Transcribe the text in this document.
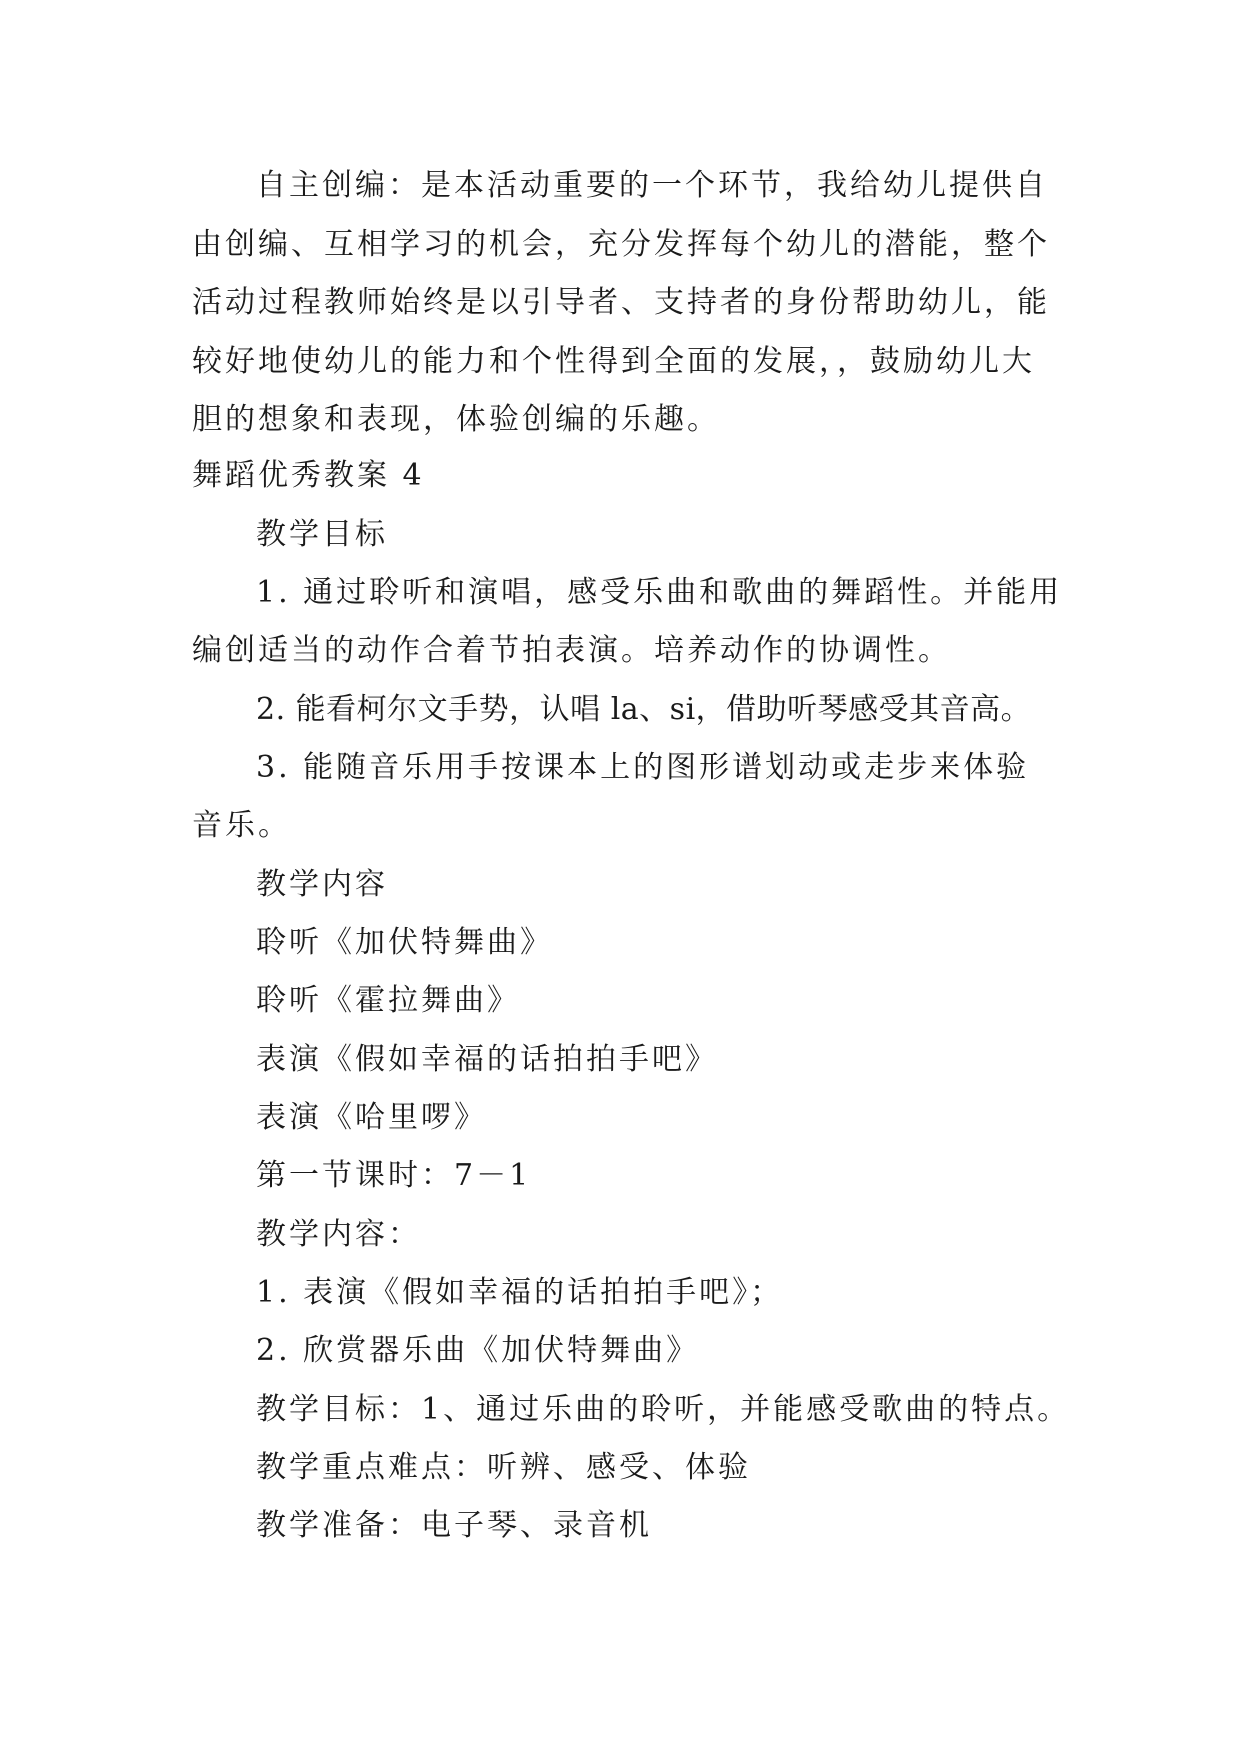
自主创编：是本活动重要的一个环节，我给幼儿提供自
由创编、互相学习的机会，充分发挥每个幼儿的潜能，整个
活动过程教师始终是以引导者、支持者的身份帮助幼儿，能
较好地使幼儿的能力和个性得到全面的发展，，鼓励幼儿大
胆的想象和表现，体验创编的乐趣。
舞蹈优秀教案 4
教学目标
1. 通过聆听和演唱，感受乐曲和歌曲的舞蹈性。并能用
编创适当的动作合着节拍表演。培养动作的协调性。
2. 能看柯尔文手势，认唱 la、si，借助听琴感受其音高。
3. 能随音乐用手按课本上的图形谱划动或走步来体验
音乐。
教学内容
聆听《加伏特舞曲》
聆听《霍拉舞曲》
表演《假如幸福的话拍拍手吧》
表演《哈里啰》
第一节课时：7－1
教学内容：
1. 表演《假如幸福的话拍拍手吧》；
2. 欣赏器乐曲《加伏特舞曲》
教学目标：1、通过乐曲的聆听，并能感受歌曲的特点。
教学重点难点：听辨、感受、体验
教学准备：电子琴、录音机
